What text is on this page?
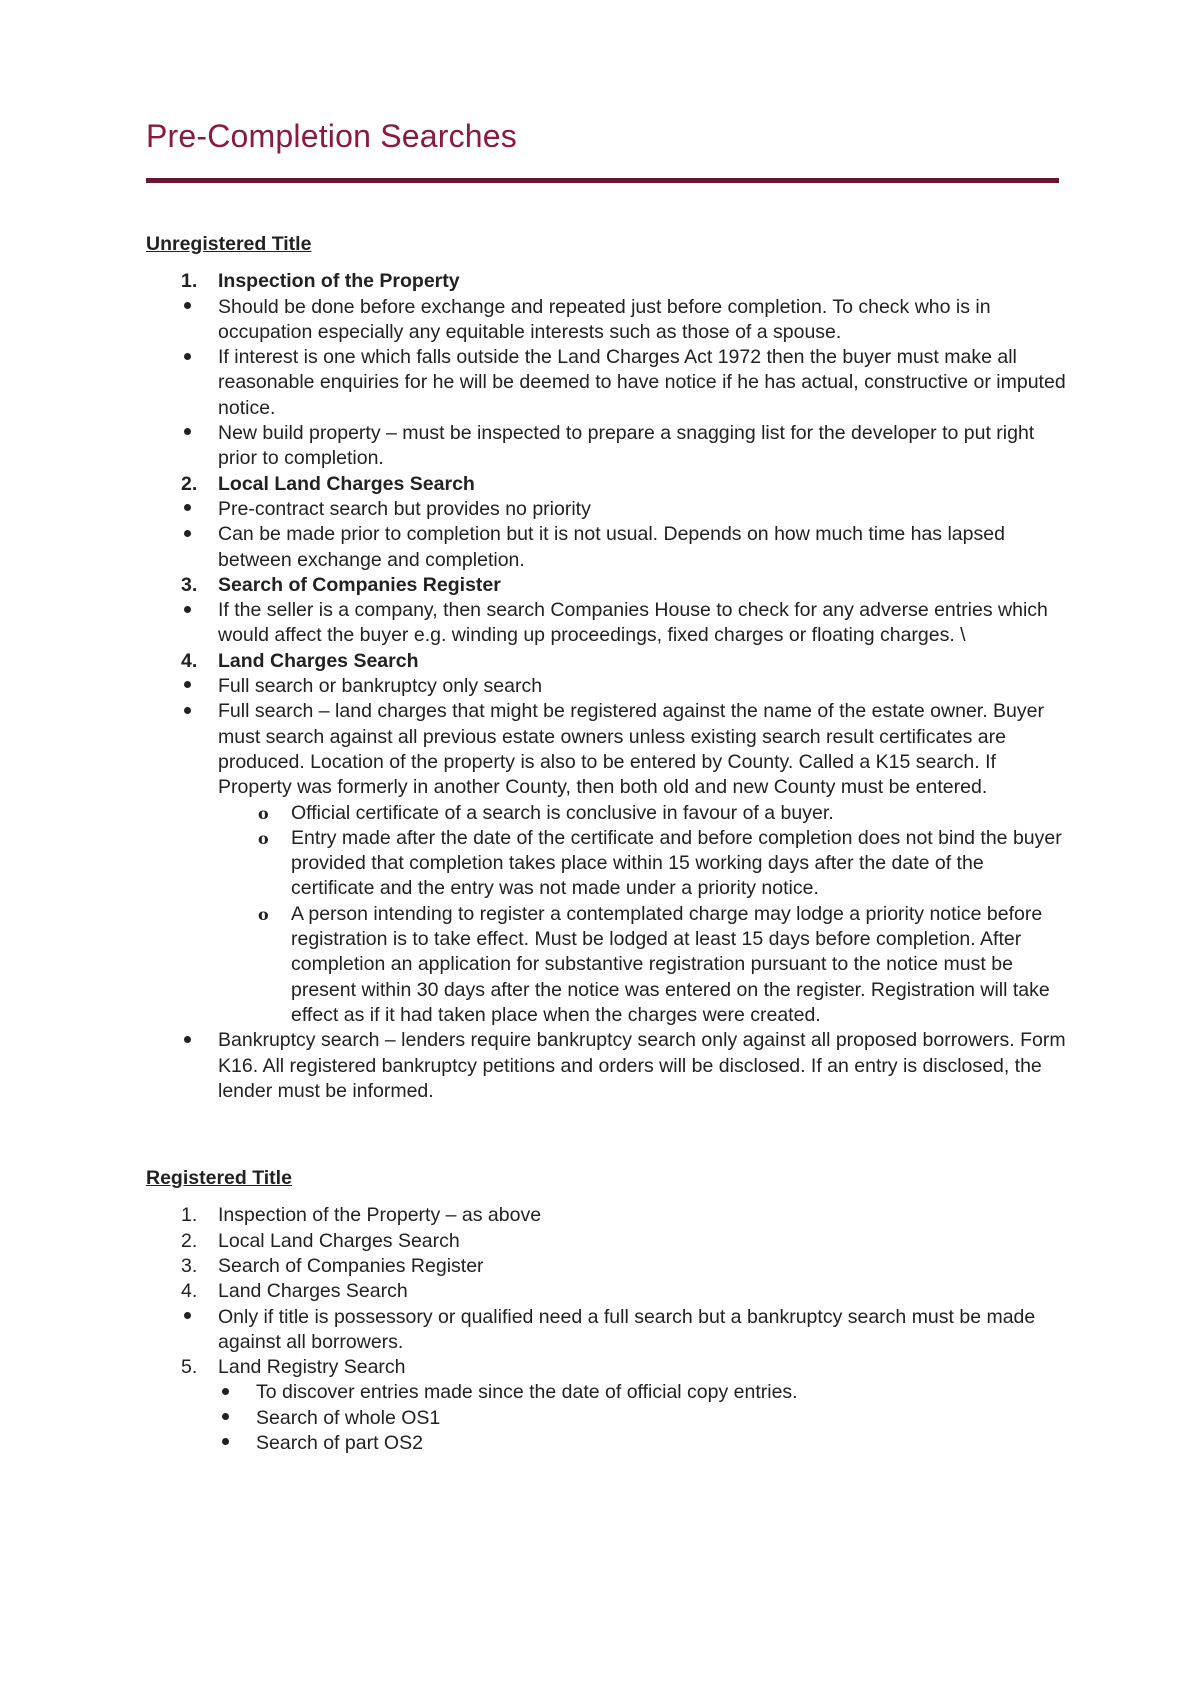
Pre-Completion Searches
Unregistered Title
1.	Inspection of the Property
Should be done before exchange and repeated just before completion. To check who is in occupation especially any equitable interests such as those of a spouse.
If interest is one which falls outside the Land Charges Act 1972 then the buyer must make all reasonable enquiries for he will be deemed to have notice if he has actual, constructive or imputed notice.
New build property – must be inspected to prepare a snagging list for the developer to put right prior to completion.
2.	Local Land Charges Search
Pre-contract search but provides no priority
Can be made prior to completion but it is not usual. Depends on how much time has lapsed between exchange and completion.
3.	Search of Companies Register
If the seller is a company, then search Companies House to check for any adverse entries which would affect the buyer e.g. winding up proceedings, fixed charges or floating charges. \
4.	Land Charges Search
Full search or bankruptcy only search
Full search – land charges that might be registered against the name of the estate owner. Buyer must search against all previous estate owners unless existing search result certificates are produced. Location of the property is also to be entered by County. Called a K15 search. If Property was formerly in another County, then both old and new County must be entered.
o	Official certificate of a search is conclusive in favour of a buyer.
o	Entry made after the date of the certificate and before completion does not bind the buyer provided that completion takes place within 15 working days after the date of the certificate and the entry was not made under a priority notice.
o	A person intending to register a contemplated charge may lodge a priority notice before registration is to take effect. Must be lodged at least 15 days before completion. After completion an application for substantive registration pursuant to the notice must be present within 30 days after the notice was entered on the register. Registration will take effect as if it had taken place when the charges were created.
Bankruptcy search – lenders require bankruptcy search only against all proposed borrowers. Form K16. All registered bankruptcy petitions and orders will be disclosed. If an entry is disclosed, the lender must be informed.
Registered Title
1.	Inspection of the Property – as above
2.	Local Land Charges Search
3.	Search of Companies Register
4.	Land Charges Search
Only if title is possessory or qualified need a full search but a bankruptcy search must be made against all borrowers.
5.	Land Registry Search
To discover entries made since the date of official copy entries.
Search of whole OS1
Search of part OS2
